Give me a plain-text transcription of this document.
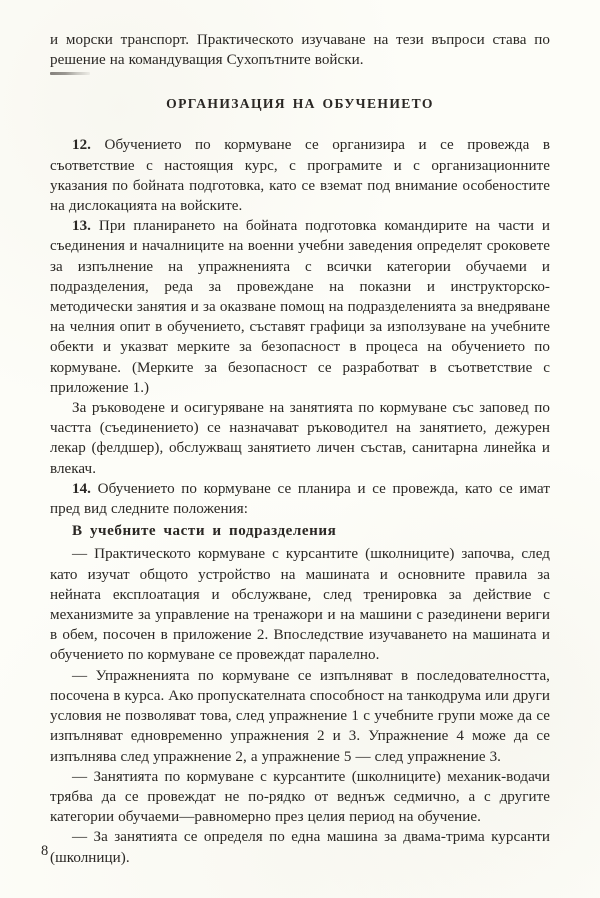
и морски транспорт. Практическото изучаване на тези въпроси става по решение на командуващия Сухопътните войски.

ОРГАНИЗАЦИЯ НА ОБУЧЕНИЕТО

12. Обучението по кормуване се организира и се провежда в съответствие с настоящия курс, с програмите и с организационните указания по бойната подготовка, като се вземат под внимание особеностите на дислокацията на войските.

13. При планирането на бойната подготовка командирите на части и съединения и началниците на военни учебни заведения определят сроковете за изпълнение на упражненията с всички категории обучаеми и подразделения, реда за провеждане на показни и инструкторско-методически занятия и за оказване помощ на подразделенията за внедряване на челния опит в обучението, съставят графици за използуване на учебните обекти и указват мерките за безопасност в процеса на обучението по кормуване. (Мерките за безопасност се разработват в съответствие с приложение 1.)

За ръководене и осигуряване на занятията по кормуване със заповед по частта (съединението) се назначават ръководител на занятието, дежурен лекар (фелдшер), обслужващ занятието личен състав, санитарна линейка и влекач.

14. Обучението по кормуване се планира и се провежда, като се имат пред вид следните положения:

В учебните части и подразделения

— Практическото кормуване с курсантите (школниците) започва, след като изучат общото устройство на машината и основните правила за нейната експлоатация и обслужване, след тренировка за действие с механизмите за управление на тренажори и на машини с разединени вериги в обем, посочен в приложение 2. Впоследствие изучаването на машината и обучението по кормуване се провеждат паралелно.

— Упражненията по кормуване се изпълняват в последователността, посочена в курса. Ако пропускателната способност на танкодрума или други условия не позволяват това, след упражнение 1 с учебните групи може да се изпълняват едновременно упражнения 2 и 3. Упражнение 4 може да се изпълнява след упражнение 2, а упражнение 5 — след упражнение 3.

— Занятията по кормуване с курсантите (школниците) механик-водачи трябва да се провеждат не по-рядко от веднъж седмично, а с другите категории обучаеми—равномерно през целия период на обучение.

— За занятията се определя по една машина за двама-трима курсанти (школници).

8
